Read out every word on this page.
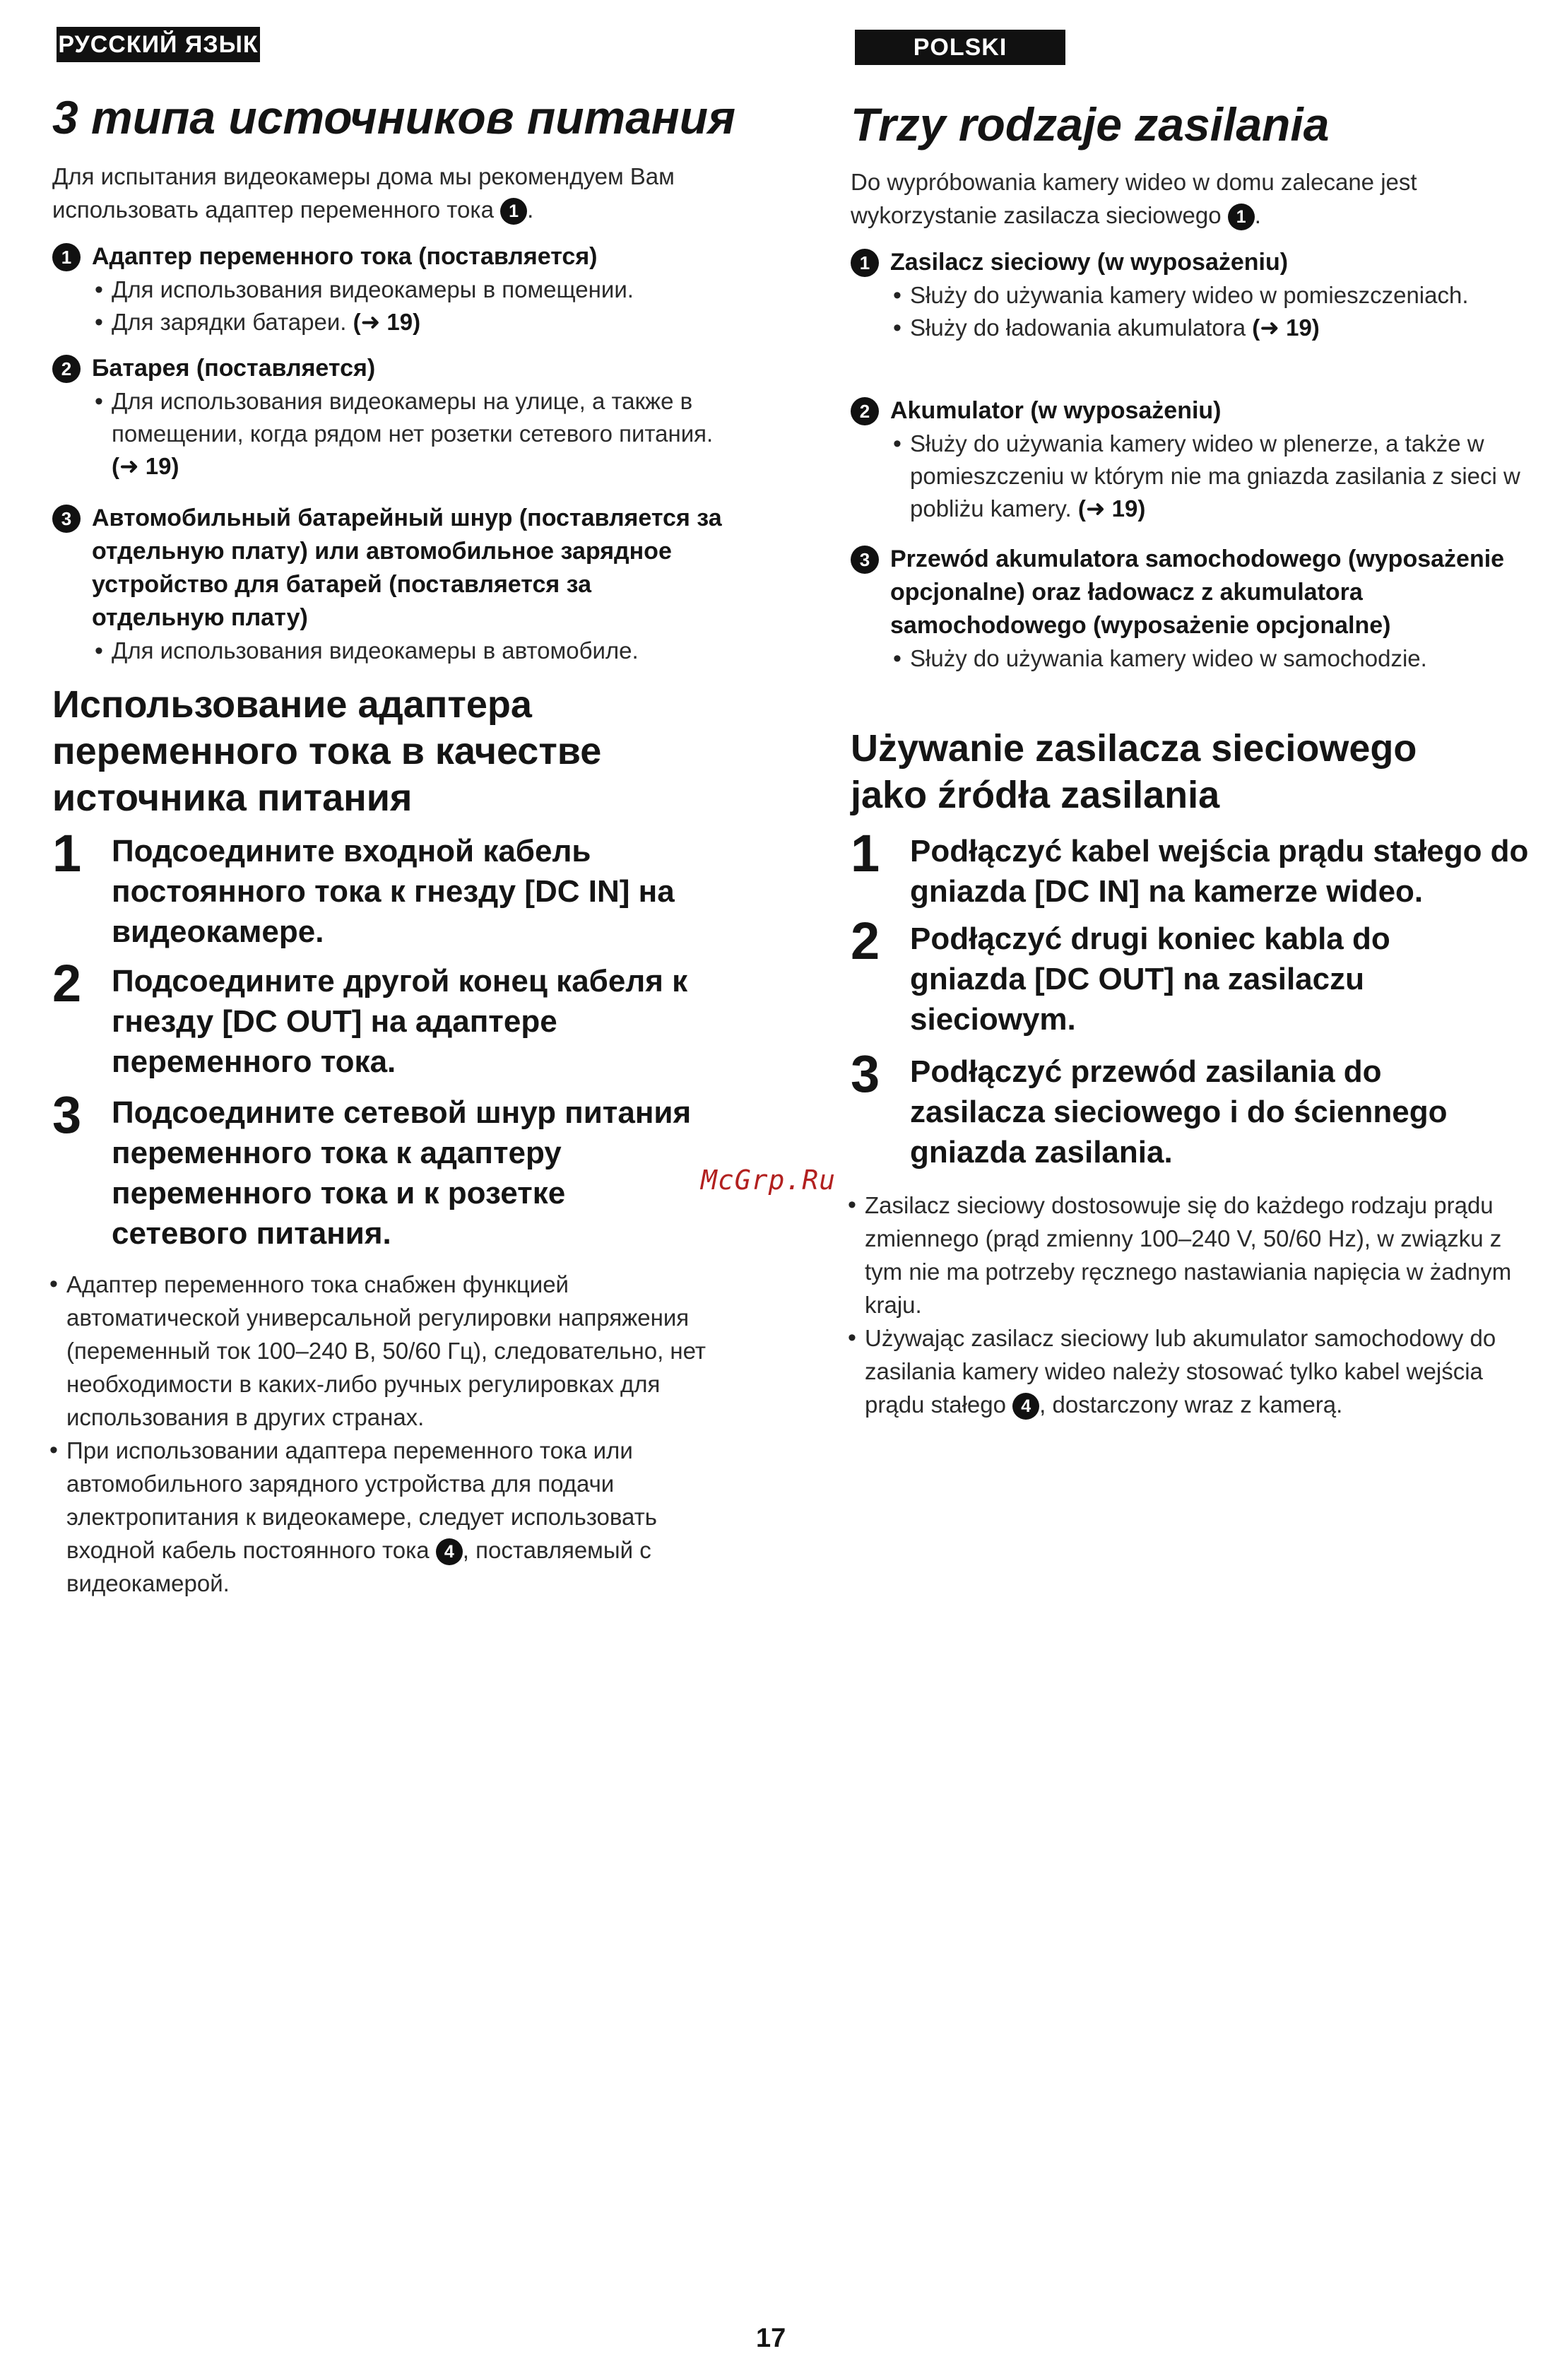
РУССКИЙ ЯЗЫК
3 типа источников питания
Для испытания видеокамеры дома мы рекомендуем Вам использовать адаптер переменного тока 1 .
1 Адаптер переменного тока (поставляется)
• Для использования видеокамеры в помещении.
• Для зарядки батареи. (➜ 19)
2 Батарея (поставляется)
• Для использования видеокамеры на улице, а также в помещении, когда рядом нет розетки сетевого питания. (➜ 19)
3 Автомобильный батарейный шнур (поставляется за отдельную плату) или автомобильное зарядное устройство для батарей (поставляется за отдельную плату)
• Для использования видеокамеры в автомобиле.
Использование адаптера переменного тока в качестве источника питания
1 Подсоедините входной кабель постоянного тока к гнезду [DC IN] на видеокамере.
2 Подсоедините другой конец кабеля к гнезду [DC OUT] на адаптере переменного тока.
3 Подсоедините сетевой шнур питания переменного тока к адаптеру переменного тока и к розетке сетевого питания.
• Адаптер переменного тока снабжен функцией автоматической универсальной регулировки напряжения (переменный ток 100–240 В, 50/60 Гц), следовательно, нет необходимости в каких-либо ручных регулировках для использования в других странах.
• При использовании адаптера переменного тока или автомобильного зарядного устройства для подачи электропитания к видеокамере, следует использовать входной кабель постоянного тока 4 , поставляемый с видеокамерой.
POLSKI
Trzy rodzaje zasilania
Do wypróbowania kamery wideo w domu zalecane jest wykorzystanie zasilacza sieciowego 1 .
1 Zasilacz sieciowy (w wyposażeniu)
• Służy do używania kamery wideo w pomieszczeniach.
• Służy do ładowania akumulatora (➜ 19)
2 Akumulator (w wyposażeniu)
• Służy do używania kamery wideo w plenerze, a także w pomieszczeniu w którym nie ma gniazda zasilania z sieci w pobliżu kamery. (➜ 19)
3 Przewód akumulatora samochodowego (wyposażenie opcjonalne) oraz ładowacz z akumulatora samochodowego (wyposażenie opcjonalne)
• Służy do używania kamery wideo w samochodzie.
Używanie zasilacza sieciowego jako źródła zasilania
1 Podłączyć kabel wejścia prądu stałego do gniazda [DC IN] na kamerze wideo.
2 Podłączyć drugi koniec kabla do gniazda [DC OUT] na zasilaczu sieciowym.
3 Podłączyć przewód zasilania do zasilacza sieciowego i do ściennego gniazda zasilania.
• Zasilacz sieciowy dostosowuje się do każdego rodzaju prądu zmiennego (prąd zmienny 100–240 V, 50/60 Hz), w związku z tym nie ma potrzeby ręcznego nastawiania napięcia w żadnym kraju.
• Używając zasilacz sieciowy lub akumulator samochodowy do zasilania kamery wideo należy stosować tylko kabel wejścia prądu stałego 4 , dostarczony wraz z kamerą.
McGrp.Ru
17
